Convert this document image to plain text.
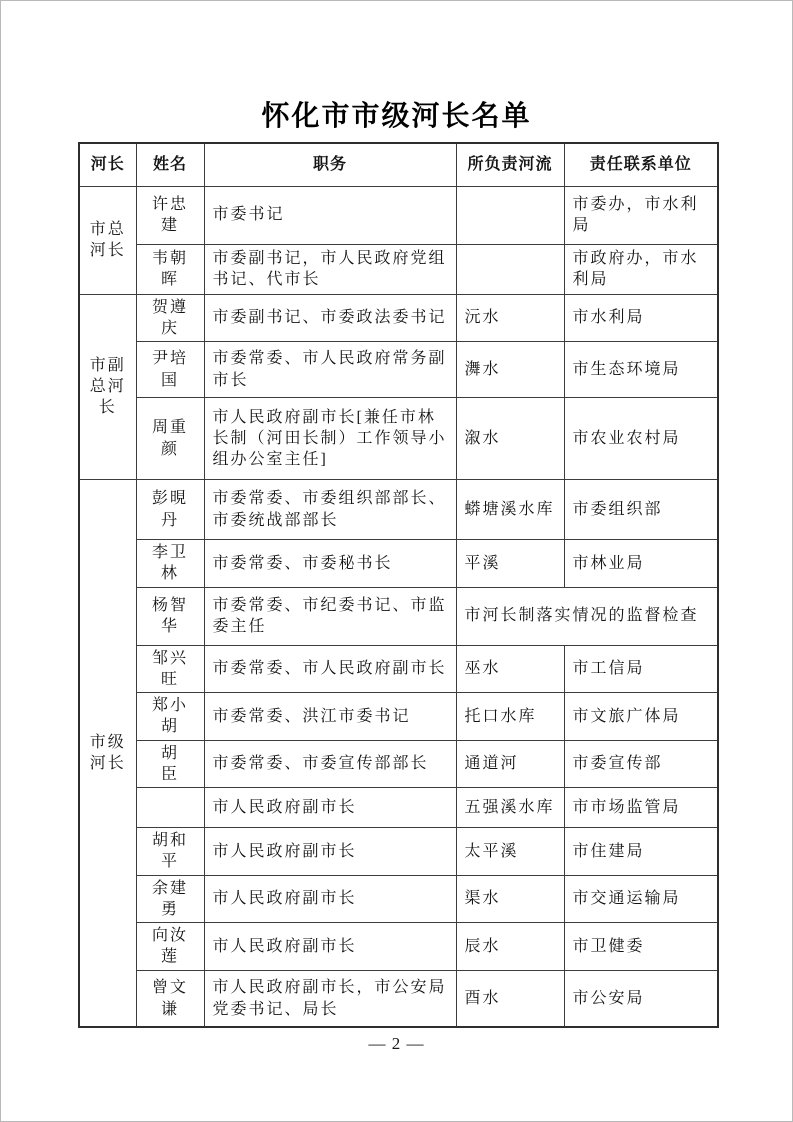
怀化市市级河长名单
河长	姓名	职务	所负责河流	责任联系单位
市总河长	许忠建	市委书记		市委办，市水利局
	韦朝晖	市委副书记，市人民政府党组书记、代市长		市政府办，市水利局
市副总河长	贺遵庆	市委副书记、市委政法委书记	沅水	市水利局
	尹培国	市委常委、市人民政府常务副市长	㵲水	市生态环境局
	周重颜	市人民政府副市长[兼任市林长制（河田长制）工作领导小组办公室主任]	溆水	市农业农村局
市级河长	彭晛丹	市委常委、市委组织部部长、市委统战部部长	蟒塘溪水库	市委组织部
	李卫林	市委常委、市委秘书长	平溪	市林业局
	杨智华	市委常委、市纪委书记、市监委主任	市河长制落实情况的监督检查	
	邹兴旺	市委常委、市人民政府副市长	巫水	市工信局
	郑小胡	市委常委、洪江市委书记	托口水库	市文旅广体局
	胡　臣	市委常委、市委宣传部部长	通道河	市委宣传部
		市人民政府副市长	五强溪水库	市市场监管局
	胡和平	市人民政府副市长	太平溪	市住建局
	余建勇	市人民政府副市长	渠水	市交通运输局
	向汝莲	市人民政府副市长	辰水	市卫健委
	曾文谦	市人民政府副市长，市公安局党委书记、局长	酉水	市公安局
— 2 —
